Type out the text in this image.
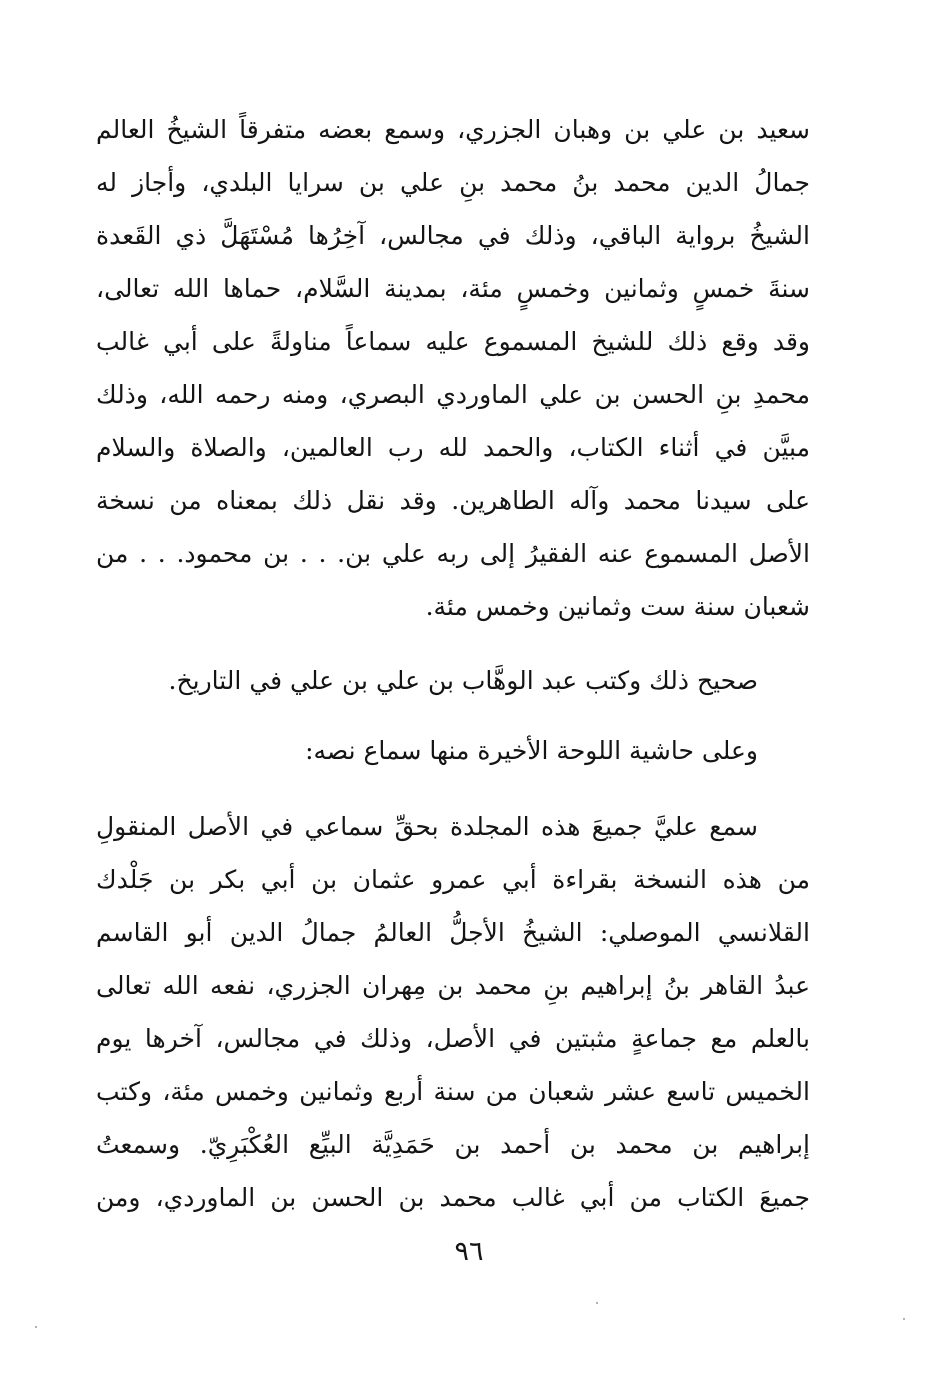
سعيد بن علي بن وهبان الجزري، وسمع بعضه متفرقاً الشيخُ العالم
جمالُ الدين محمد بنُ محمد بنِ علي بن سرايا البلدي، وأجاز له
الشيخُ برواية الباقي، وذلك في مجالس، آخِرُها مُسْتَهَلَّ ذي القَعدة
سنةَ خمسٍ وثمانين وخمسٍ مئة، بمدينة السَّلام، حماها الله تعالى،
وقد وقع ذلك للشيخ المسموع عليه سماعاً مناولةً على أبي غالب
محمدِ بنِ الحسن بن علي الماوردي البصري، ومنه رحمه الله، وذلك
مبيَّن في أثناء الكتاب، والحمد لله رب العالمين، والصلاة والسلام
على سيدنا محمد وآله الطاهرين. وقد نقل ذلك بمعناه من نسخة
الأصل المسموع عنه الفقيرُ إلى ربه علي بن. . . بن محمود. . . من
شعبان سنة ست وثمانين وخمس مئة.
صحيح ذلك وكتب عبد الوهَّاب بن علي بن علي في التاريخ.
وعلى حاشية اللوحة الأخيرة منها سماع نصه:
سمع عليَّ جميعَ هذه المجلدة بحقِّ سماعي في الأصل المنقولِ
من هذه النسخة بقراءة أبي عمرو عثمان بن أبي بكر بن جَلْدك
القلانسي الموصلي: الشيخُ الأجلُّ العالمُ جمالُ الدين أبو القاسم
عبدُ القاهر بنُ إبراهيم بنِ محمد بن مِهران الجزري، نفعه الله تعالى
بالعلم مع جماعةٍ مثبتين في الأصل، وذلك في مجالس، آخرها يوم
الخميس تاسع عشر شعبان من سنة أربع وثمانين وخمس مئة، وكتب
إبراهيم بن محمد بن أحمد بن حَمَدِيَّة البيِّع العُكْبَرِيّ. وسمعتُ
جميعَ الكتاب من أبي غالب محمد بن الحسن بن الماوردي، ومن
٩٦
